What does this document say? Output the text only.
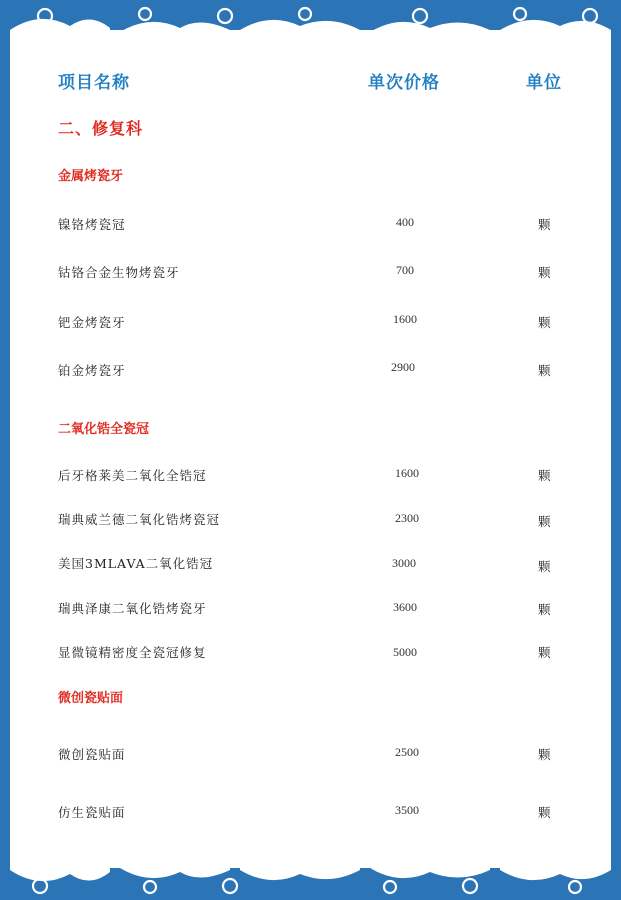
项目名称	单次价格	单位
二、修复科
金属烤瓷牙
镍铬烤瓷冠	400	颗
钴铬合金生物烤瓷牙	700	颗
钯金烤瓷牙	1600	颗
铂金烤瓷牙	2900	颗
二氧化锆全瓷冠
后牙格莱美二氧化全锆冠	1600	颗
瑞典威兰德二氧化锆烤瓷冠	2300	颗
美国3MLAVA二氧化锆冠	3000	颗
瑞典泽康二氧化锆烤瓷牙	3600	颗
显微镜精密度全瓷冠修复	5000	颗
微创瓷贴面
微创瓷贴面	2500	颗
仿生瓷贴面	3500	颗
5
